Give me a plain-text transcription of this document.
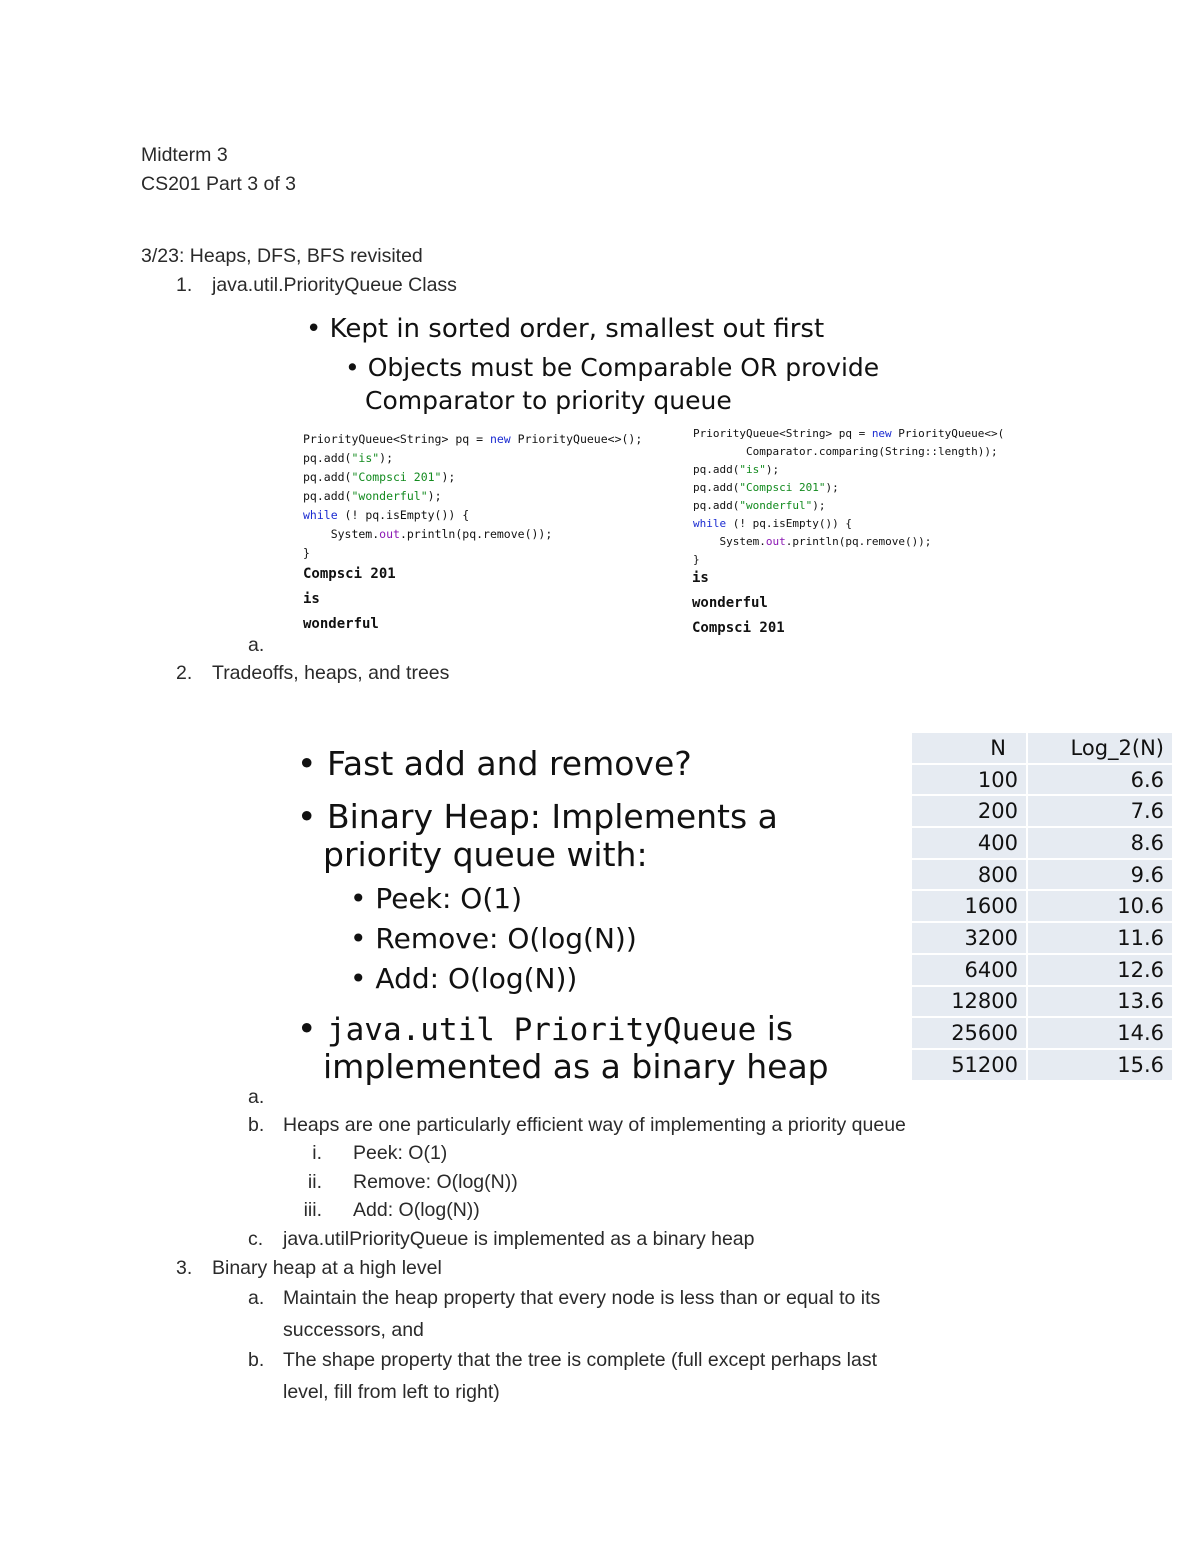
Midterm 3
CS201 Part 3 of 3
3/23: Heaps, DFS, BFS revisited
1. java.util.PriorityQueue Class
• Kept in sorted order, smallest out first
• Objects must be Comparable OR provide
Comparator to priority queue
PriorityQueue<String> pq = new PriorityQueue<>();
pq.add("is");
pq.add("Compsci 201");
pq.add("wonderful");
while (! pq.isEmpty()) {
System.out.println(pq.remove());
}
Compsci 201
is
wonderful
PriorityQueue<String> pq = new PriorityQueue<>(
Comparator.comparing(String::length));
pq.add("is");
pq.add("Compsci 201");
pq.add("wonderful");
while (! pq.isEmpty()) {
System.out.println(pq.remove());
}
is
wonderful
Compsci 201
a.
2. Tradeoffs, heaps, and trees
• Fast add and remove?
• Binary Heap: Implements a
priority queue with:
• Peek: O(1)
• Remove: O(log(N))
• Add: O(log(N))
• java.util PriorityQueue is
implemented as a binary heap
N	Log_2(N)
100	6.6
200	7.6
400	8.6
800	9.6
1600	10.6
3200	11.6
6400	12.6
12800	13.6
25600	14.6
51200	15.6
a.
b. Heaps are one particularly efficient way of implementing a priority queue
i. Peek: O(1)
ii. Remove: O(log(N))
iii. Add: O(log(N))
c. java.utilPriorityQueue is implemented as a binary heap
3. Binary heap at a high level
a. Maintain the heap property that every node is less than or equal to its
successors, and
b. The shape property that the tree is complete (full except perhaps last
level, fill from left to right)
